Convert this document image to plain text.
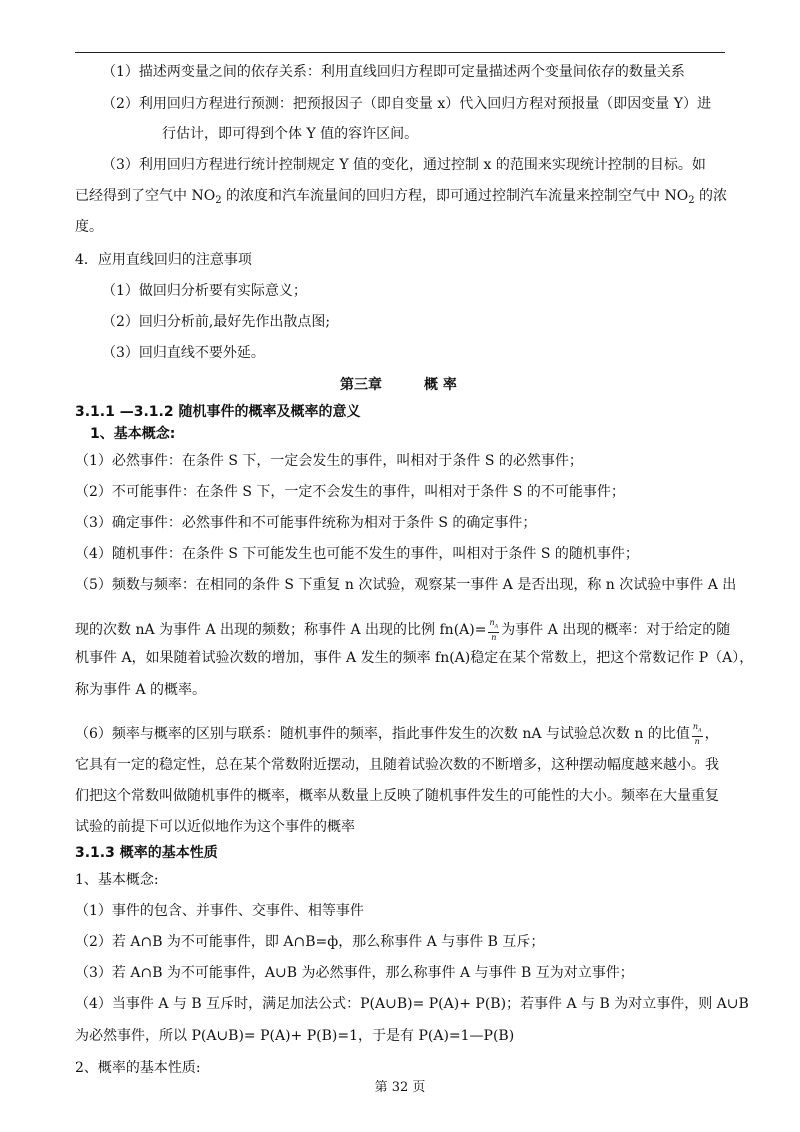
（1）描述两变量之间的依存关系：利用直线回归方程即可定量描述两个变量间依存的数量关系
（2）利用回归方程进行预测：把预报因子（即自变量 x）代入回归方程对预报量（即因变量 Y）进
行估计，即可得到个体 Y 值的容许区间。
（3）利用回归方程进行统计控制规定 Y 值的变化，通过控制 x 的范围来实现统计控制的目标。如
已经得到了空气中 $NO_2$ 的浓度和汽车流量间的回归方程，即可通过控制汽车流量来控制空气中 $NO_2$ 的浓
度。
4．应用直线回归的注意事项
（1）做回归分析要有实际意义；
（2）回归分析前,最好先作出散点图;
（3）回归直线不要外延。
第三章　　　概 率
3.1.1 —3.1.2 随机事件的概率及概率的意义
1、基本概念:
（1）必然事件：在条件 S 下，一定会发生的事件，叫相对于条件 S 的必然事件；
（2）不可能事件：在条件 S 下，一定不会发生的事件，叫相对于条件 S 的不可能事件；
（3）确定事件：必然事件和不可能事件统称为相对于条件 S 的确定事件；
（4）随机事件：在条件 S 下可能发生也可能不发生的事件，叫相对于条件 S 的随机事件；
（5）频数与频率：在相同的条件 S 下重复 n 次试验，观察某一事件 A 是否出现，称 n 次试验中事件 A 出
现的次数 nA 为事件 A 出现的频数；称事件 A 出现的比例 $fn(A)= \frac{n_A}{n}$ 为事件 A 出现的概率：对于给定的随
机事件 A，如果随着试验次数的增加，事件 A 发生的频率 fn(A)稳定在某个常数上，把这个常数记作 P（A），
称为事件 A 的概率。
（6）频率与概率的区别与联系：随机事件的频率，指此事件发生的次数 nA 与试验总次数 n 的比值 $\frac{n_A}{n}$ ，
它具有一定的稳定性，总在某个常数附近摆动，且随着试验次数的不断增多，这种摆动幅度越来越小。我
们把这个常数叫做随机事件的概率，概率从数量上反映了随机事件发生的可能性的大小。频率在大量重复
试验的前提下可以近似地作为这个事件的概率
3.1.3 概率的基本性质
1、基本概念:
（1）事件的包含、并事件、交事件、相等事件
（2）若 A∩B 为不可能事件，即 A∩B=ф，那么称事件 A 与事件 B 互斥；
（3）若 A∩B 为不可能事件，A∪B 为必然事件，那么称事件 A 与事件 B 互为对立事件；
（4）当事件 A 与 B 互斥时，满足加法公式：P(A∪B)= P(A)+ P(B)；若事件 A 与 B 为对立事件，则 A∪B
为必然事件，所以 P(A∪B)= P(A)+ P(B)=1，于是有 P(A)=1—P(B)
2、概率的基本性质:
第 32 页
